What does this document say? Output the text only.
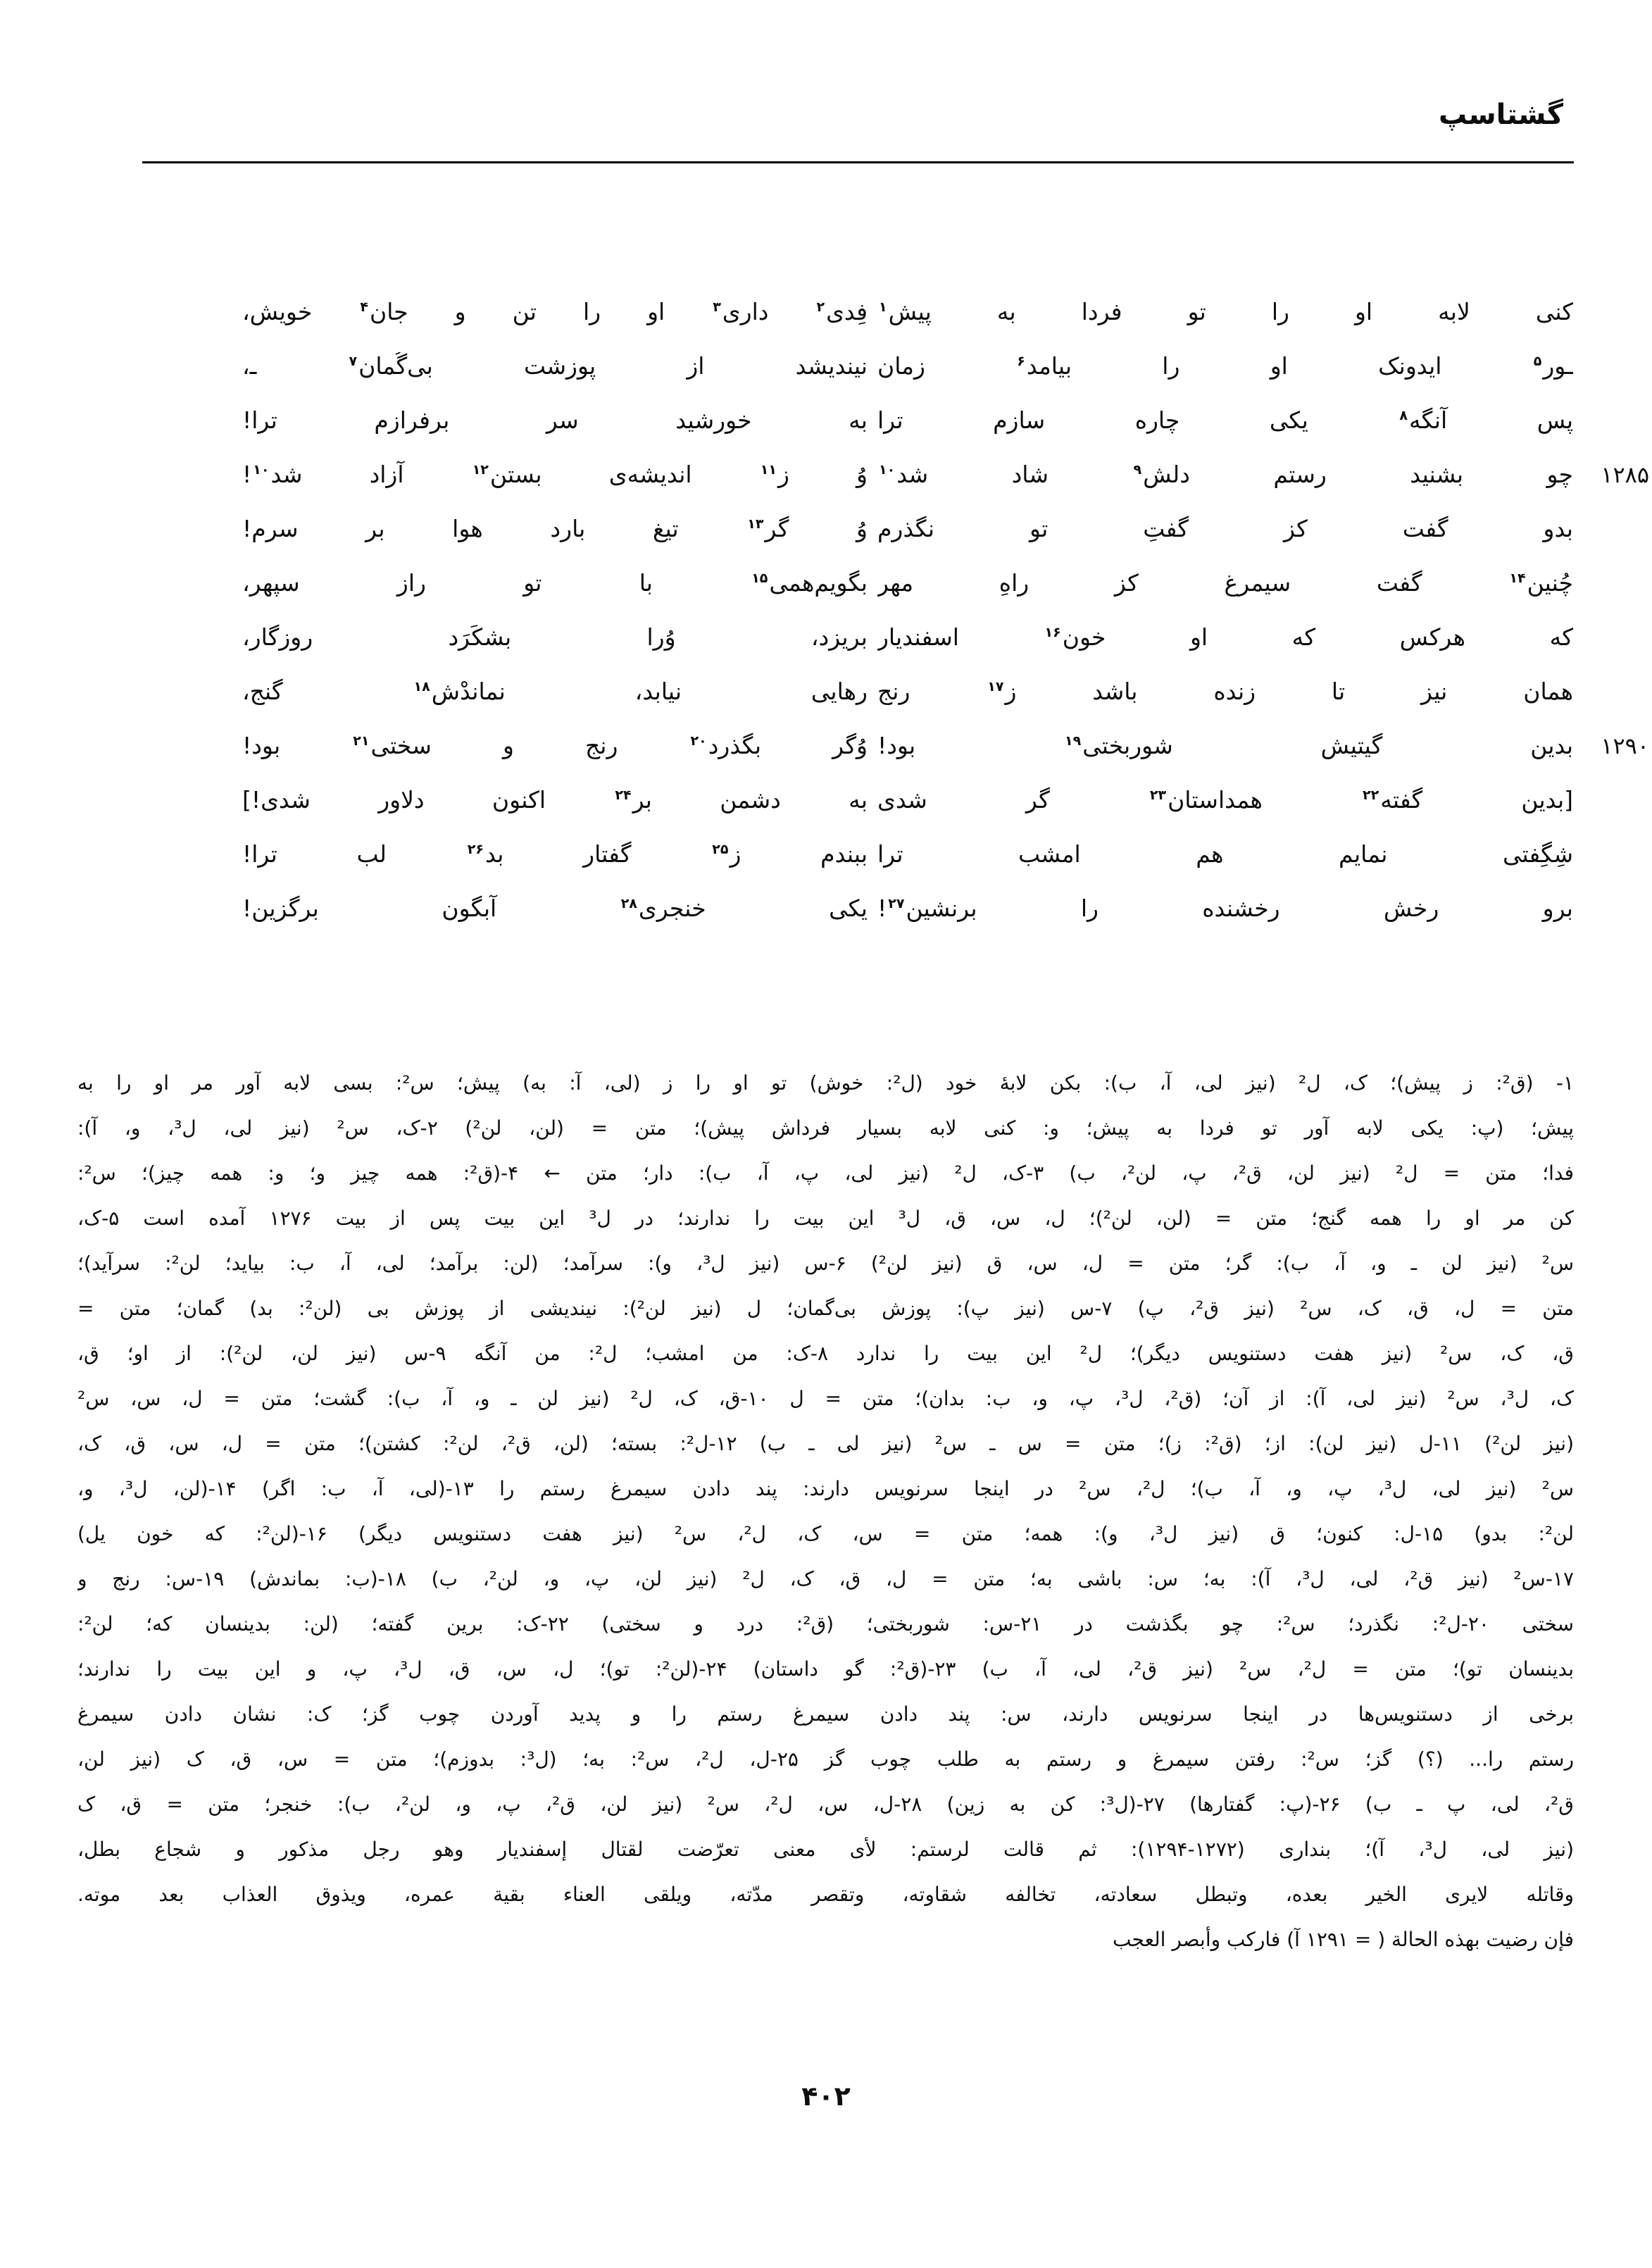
گشتاسپ
کنی لابه او را تو فردا به پیش$^۱$
فِدی$^۲$ داری$^۳$ او را تن و جانِ$^۴$ خویش،
ـور$^۵$ ایدونک او را بیامد$^۶$ زمان
نیندیشد از پوزشت بی‌گُمان$^۷$ ـ،
پس آنگه$^۸$ یکی چاره سازم ترا
به خورشید سر برفرازم ترا!
۱۲۸۵
چو بشنید رستم دلش$^۹$ شاد شد$^{۱۰}$
وُ ز$^{۱۱}$ اندیشه‌ی بستن$^{۱۲}$ آزاد شد$^{۱۰}$!
بدو گفت کز گفتِ تو نگذرم
وُ گر$^{۱۳}$ تیغ بارد هوا بر سرم!
چُنین$^{۱۴}$ گفت سیمرغ کز راهِ مهر
بگویم‌همی$^{۱۵}$ با تو رازِ سپهر،
که هرکس که او خونِ$^{۱۶}$ اسفندیار
بریزد، وُرا بشکَرَد روزگار،
همان نیز تا زنده باشد زِ$^{۱۷}$ رنج
رهایی نیابد، نماندْش$^{۱۸}$ گنج،
۱۲۹۰
بدین گیتیش شوربختی$^{۱۹}$ بود!
وُگر بگذرد$^{۲۰}$ رنج و سختی$^{۲۱}$ بود!
[بدین گفته$^{۲۲}$ همداستان$^{۲۳}$ گر شدی
به دشمن بر$^{۲۴}$ اکنون دلاور شدی!]
شِگِفتی نمایم هم امشب ترا
ببندم زِ$^{۲۵}$ گفتار بد$^{۲۶}$ لب ترا!
برو رخشِ رخشنده را برنشین$^{۲۷}$!
یکی خنجری$^{۲۸}$ آبگون برگزین!
۱- (ق²: ز پیش)؛ ک، ل² (نیز لی، آ، ب): بکن لابهٔ خود (ل²: خوش) تو او را ز (لی، آ: به) پیش؛ س²: بسی لابه آور مر او را به
پیش؛ (پ: یکی لابه آور تو فردا به پیش؛ و: کنی لابه بسیار فرداش پیش)؛ متن = (لن، لن²) ۲-ک، س² (نیز لی، ل³، و، آ):
فدا؛ متن = ل² (نیز لن، ق²، پ، لن²، ب) ۳-ک، ل² (نیز لی، پ، آ، ب): دار؛ متن ← ۴-(ق²: همه چیز و؛ و: همه چیز)؛ س²:
کن مر او را همه گنج؛ متن = (لن، لن²)؛ ل، س، ق، ل³ این بیت را ندارند؛ در ل³ این بیت پس از بیت ۱۲۷۶ آمده است ۵-ک،
س² (نیز لن ـ و، آ، ب): گر؛ متن = ل، س، ق (نیز لن²) ۶-س (نیز ل³، و): سرآمد؛ (لن: برآمد؛ لی، آ، ب: بیاید؛ لن²: سرآید)؛
متن = ل، ق، ک، س² (نیز ق²، پ) ۷-س (نیز پ): پوزش بی‌گمان؛ ل (نیز لن²): نیندیشی از پوزش بی (لن²: بد) گمان؛ متن =
ق، ک، س² (نیز هفت دستنویس دیگر)؛ ل² این بیت را ندارد ۸-ک: من امشب؛ ل²: من آنگه ۹-س (نیز لن، لن²): از او؛ ق،
ک، ل³، س² (نیز لی، آ): از آن؛ (ق²، ل³، پ، و، ب: بدان)؛ متن = ل ۱۰-ق، ک، ل² (نیز لن ـ و، آ، ب): گشت؛ متن = ل، س، س²
(نیز لن²) ۱۱-ل (نیز لن): از؛ (ق²: ز)؛ متن = س ـ س² (نیز لی ـ ب) ۱۲-ل²: بسته؛ (لن، ق²، لن²: کشتن)؛ متن = ل، س، ق، ک،
س² (نیز لی، ل³، پ، و، آ، ب)؛ ل²، س² در اینجا سرنویس دارند: پند دادن سیمرغ رستم را ۱۳-(لی، آ، ب: اگر) ۱۴-(لن، ل³، و،
لن²: بدو) ۱۵-ل: کنون؛ ق (نیز ل³، و): همه؛ متن = س، ک، ل²، س² (نیز هفت دستنویس دیگر) ۱۶-(لن²: که خون یل)
۱۷-س² (نیز ق²، لی، ل³، آ): به؛ س: باشی به؛ متن = ل، ق، ک، ل² (نیز لن، پ، و، لن²، ب) ۱۸-(ب: بماندش) ۱۹-س: رنج و
سختی ۲۰-ل²: نگذرد؛ س²: چو بگذشت در ۲۱-س: شوربختی؛ (ق²: درد و سختی) ۲۲-ک: برین گفته؛ (لن: بدینسان که؛ لن²:
بدینسان تو)؛ متن = ل²، س² (نیز ق²، لی، آ، ب) ۲۳-(ق²: گو داستان) ۲۴-(لن²: تو)؛ ل، س، ق، ل³، پ، و این بیت را ندارند؛
برخی از دستنویس‌ها در اینجا سرنویس دارند، س: پند دادن سیمرغ رستم را و پدید آوردن چوب گز؛ ک: نشان دادن سیمرغ
رستم را... (؟) گز؛ س²: رفتن سیمرغ و رستم به طلب چوب گز ۲۵-ل، ل²، س²: به؛ (ل³: بدوزم)؛ متن = س، ق، ک (نیز لن،
ق²، لی، پ ـ ب) ۲۶-(پ: گفتارها) ۲۷-(ل³: کن به زین) ۲۸-ل، س، ل²، س² (نیز لن، ق²، پ، و، لن²، ب): خنجر؛ متن = ق، ک
(نیز لی، ل³، آ)؛ بنداری (۱۲۷۲-۱۲۹۴): ثم قالت لرستم: لأی معنی تعرّضت لقتال إسفندیار وهو رجل مذکور و شجاع بطل،
وقاتله لایری الخیر بعده، وتبطل سعادته، تخالفه شقاوته، وتقصر مدّته، ویلقی العناء بقیة عمره، ویذوق العذاب بعد موته.
فإن رضیت بهذه الحالة ( = ۱۲۹۱ آ) فارکب وأبصر العجب
۴۰۲
